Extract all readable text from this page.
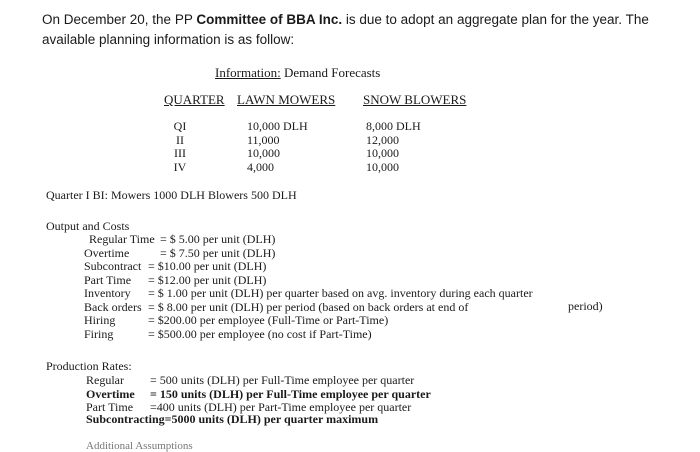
On December 20, the PP Committee of BBA Inc. is due to adopt an aggregate plan for the year. The
available planning information is as follow:
Information: Demand Forecasts
QUARTER LAWN MOWERS SNOW BLOWERS
QI
II
III
IV
10,000 DLH
11,000
10,000
4,000
8,000 DLH
12,000
10,000
10,000
Quarter I BI: Mowers 1000 DLH Blowers 500 DLH
Output and Costs
Regular Time
Overtime
Subcontract
Part Time
Inventory
Back orders
Hiring
Firing
= $ 5.00 per unit (DLH)
= $ 7.50 per unit (DLH)
= $10.00 per unit (DLH)
= $12.00 per unit (DLH)
= $ 1.00 per unit (DLH) per quarter based on avg. inventory during each quarter
= $ 8.00 per unit (DLH) per period (based on back orders at end of
= $200.00 per employee (Full-Time or Part-Time)
= $500.00 per employee (no cost if Part-Time)
period)
Production Rates:
Regular
Overtime
Part Time
= 500 units (DLH) per Full-Time employee per quarter
= 150 units (DLH) per Full-Time employee per quarter
=400 units (DLH) per Part-Time employee per quarter
Subcontracting=5000 units (DLH) per quarter maximum
Additional Assumptions
